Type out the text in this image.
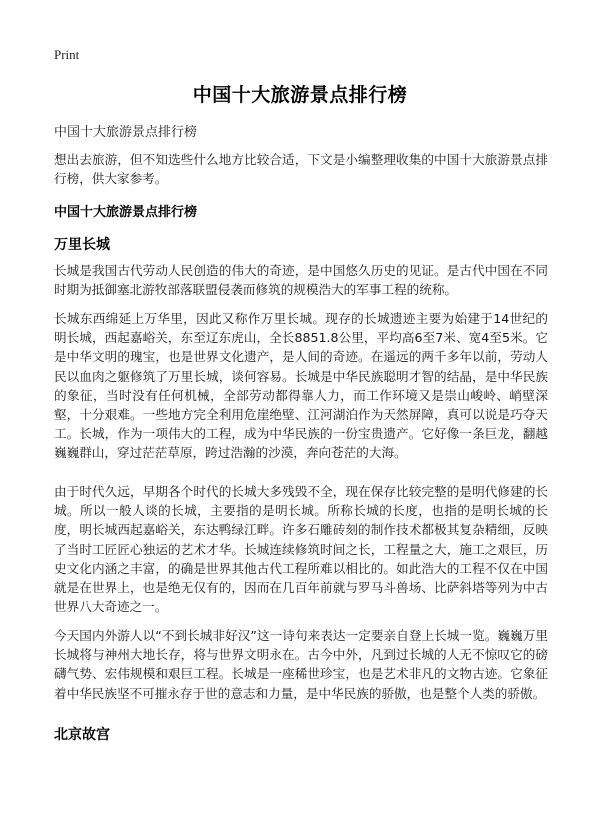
Print
中国十大旅游景点排行榜
中国十大旅游景点排行榜

想出去旅游，但不知选些什么地方比较合适，下文是小编整理收集的中国十大旅游景点排行榜，供大家参考。

中国十大旅游景点排行榜
万里长城

长城是我国古代劳动人民创造的伟大的奇迹，是中国悠久历史的见证。是古代中国在不同时期为抵御塞北游牧部落联盟侵袭而修筑的规模浩大的军事工程的统称。

长城东西绵延上万华里，因此又称作万里长城。现存的长城遗迹主要为始建于14世纪的明长城，西起嘉峪关，东至辽东虎山，全长8851.8公里，平均高6至7米、宽4至5米。它是中华文明的瑰宝，也是世界文化遗产，是人间的奇迹。在遥远的两千多年以前，劳动人民以血肉之躯修筑了万里长城，谈何容易。长城是中华民族聪明才智的结晶，是中华民族的象征，当时没有任何机械，全部劳动都得靠人力，而工作环境又是崇山峻岭、峭壁深壑，十分艰难。一些地方完全利用危崖绝壁、江河湖泊作为天然屏障，真可以说是巧夺天工。长城，作为一项伟大的工程，成为中华民族的一份宝贵遗产。它好像一条巨龙，翻越巍巍群山，穿过茫茫草原，跨过浩瀚的沙漠，奔向苍茫的大海。

由于时代久远，早期各个时代的长城大多残毁不全，现在保存比较完整的是明代修建的长城。所以一般人谈的长城，主要指的是明长城。所称长城的长度，也指的是明长城的长度，明长城西起嘉峪关，东达鸭绿江畔。许多石雕砖刻的制作技术都极其复杂精细，反映了当时工匠匠心独运的艺术才华。长城连续修筑时间之长，工程量之大，施工之艰巨，历史文化内涵之丰富，的确是世界其他古代工程所难以相比的。如此浩大的工程不仅在中国就是在世界上，也是绝无仅有的，因而在几百年前就与罗马斗兽场、比萨斜塔等列为中古世界八大奇迹之一。

今天国内外游人以“不到长城非好汉”这一诗句来表达一定要亲自登上长城一览。巍巍万里长城将与神州大地长存，将与世界文明永在。古今中外，凡到过长城的人无不惊叹它的磅礴气势、宏伟规模和艰巨工程。长城是一座稀世珍宝，也是艺术非凡的文物古迹。它象征着中华民族坚不可摧永存于世的意志和力量，是中华民族的骄傲，也是整个人类的骄傲。

北京故宫
